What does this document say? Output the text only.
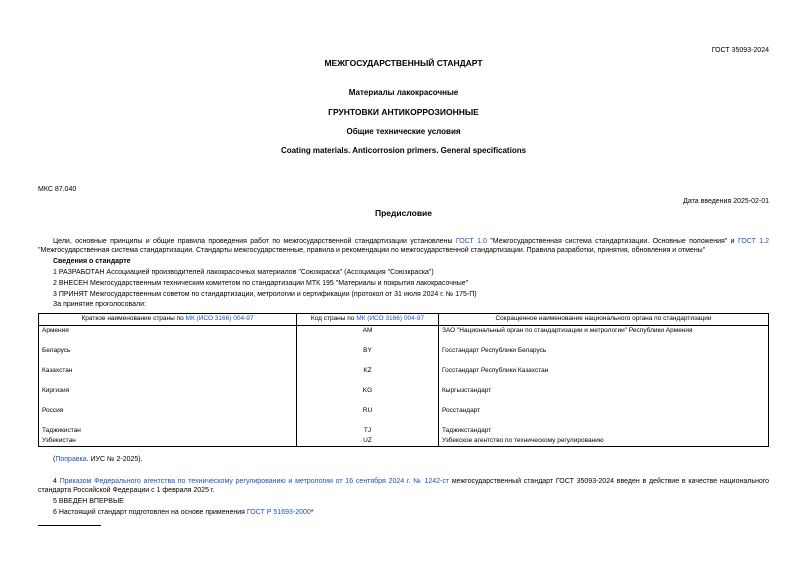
ГОСТ 35093-2024
МЕЖГОСУДАРСТВЕННЫЙ СТАНДАРТ
Материалы лакокрасочные
ГРУНТОВКИ АНТИКОРРОЗИОННЫЕ
Общие технические условия
Coating materials. Anticorrosion primers. General specifications
МКС 87.040
Дата введения 2025-02-01
Предисловие
Цели, основные принципы и общие правила проведения работ по межгосударственной стандартизации установлены ГОСТ 1.0 "Межгосударственная система стандартизации. Основные положения" и ГОСТ 1.2 "Межгосударственная система стандартизации. Стандарты межгосударственные, правила и рекомендации по межгосударственной стандартизации. Правила разработки, принятия, обновления и отмены"
Сведения о стандарте
1 РАЗРАБОТАН Ассоциацией производителей лакокрасочных материалов "Союзкраска" (Ассоциация "Союзкраска")
2 ВНЕСЕН Межгосударственным техническим комитетом по стандартизации МТК 195 "Материалы и покрытия лакокрасочные"
3 ПРИНЯТ Межгосударственным советом по стандартизации, метрологии и сертификации (протокол от 31 июля 2024 г. № 175-П)
За принятие проголосовали:
Краткое наименование страны по МК (ИСО 3166) 004-97	Код страны по МК (ИСО 3166) 004-97	Сокращенное наименование национального органа по стандартизации
Армения	AM	ЗАО "Национальный орган по стандартизации и метрологии" Республики Армения
Беларусь	BY	Госстандарт Республики Беларусь
Казахстан	KZ	Госстандарт Республики Казахстан
Киргизия	KG	Кыргызстандарт
Россия	RU	Росстандарт
Таджикистан	TJ	Таджикстандарт
Узбекистан	UZ	Узбекское агентство по техническому регулированию
(Поправка. ИУС № 2-2025).
4 Приказом Федерального агентства по техническому регулированию и метрологии от 16 сентября 2024 г. № 1242-ст межгосударственный стандарт ГОСТ 35093-2024 введен в действие в качестве национального стандарта Российской Федерации с 1 февраля 2025 г.
5 ВВЕДЕН ВПЕРВЫЕ
6 Настоящий стандарт подготовлен на основе применения ГОСТ Р 51693-2000*
